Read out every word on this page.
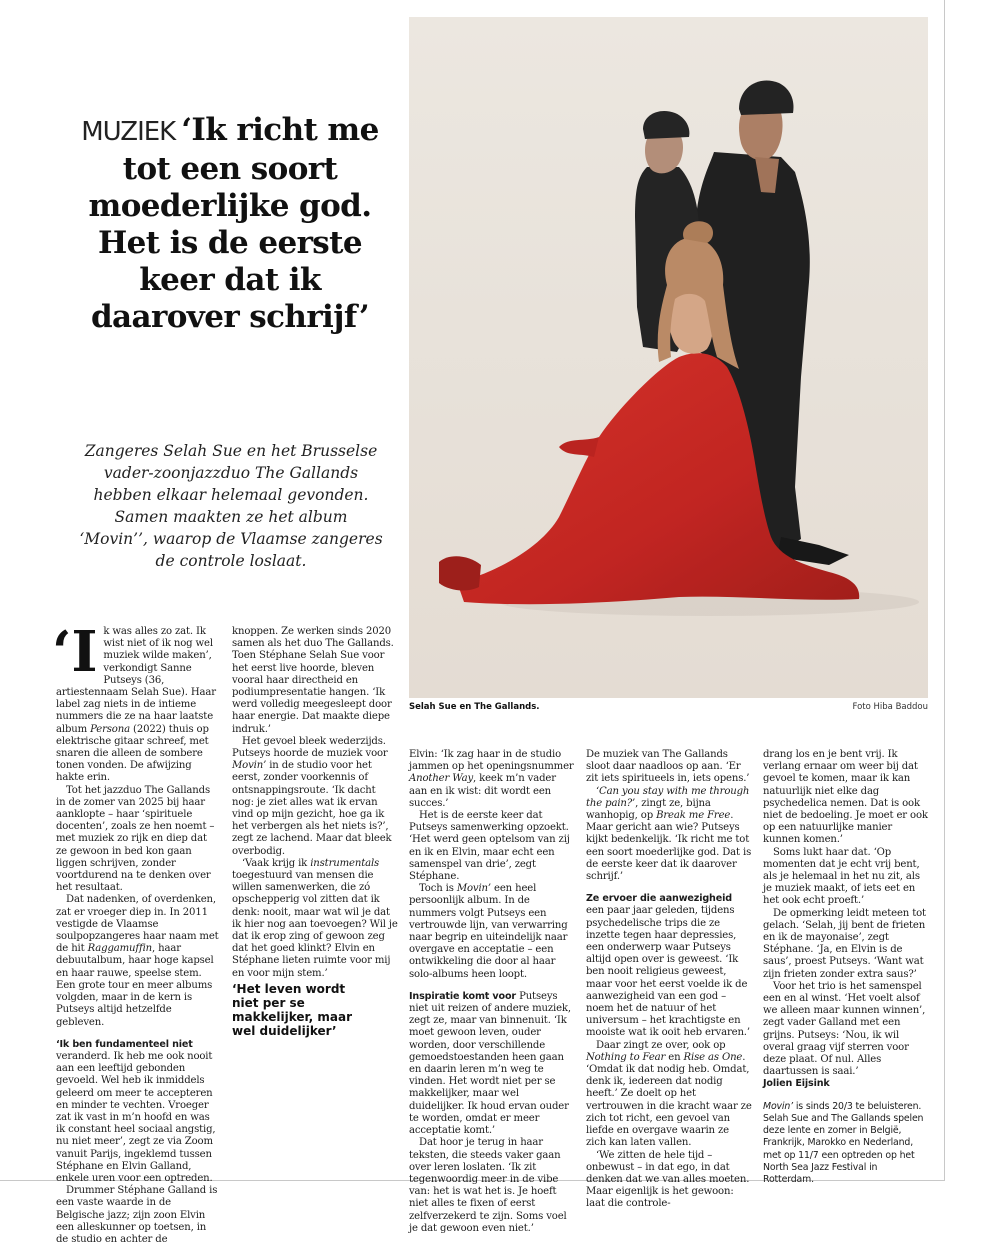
MUZIEK ‘Ik richt me tot een soort moederlijke god. Het is de eerste keer dat ik daarover schrijf’

Zangeres Selah Sue en het Brusselse vader-zoonjazzduo The Gallands hebben elkaar helemaal gevonden. Samen maakten ze het album ‘Movin’’, waarop de Vlaamse zangeres de controle loslaat.

Selah Sue en The Gallands.	Foto Hiba Baddou

‘Ik was alles zo zat. Ik wist niet of ik nog wel muziek wilde maken’, verkondigt Sanne Putseys (36, artiestennaam Selah Sue). Haar label zag niets in de intieme nummers die ze na haar laatste album Persona (2022) thuis op elektrische gitaar schreef, met snaren die alleen de sombere tonen vonden. De afwijzing hakte erin.

Tot het jazzduo The Gallands in de zomer van 2025 bij haar aanklopte – haar ‘spirituele docenten’, zoals ze hen noemt – met muziek zo rijk en diep dat ze gewoon in bed kon gaan liggen schrijven, zonder voortdurend na te denken over het resultaat.

Dat nadenken, of overdenken, zat er vroeger diep in. In 2011 vestigde de Vlaamse soulpopzangeres haar naam met de hit Raggamuffin, haar debuutalbum, haar hoge kapsel en haar rauwe, speelse stem. Een grote tour en meer albums volgden, maar in de kern is Putseys altijd hetzelfde gebleven.

‘Ik ben fundamenteel niet veranderd. Ik heb me ook nooit aan een leeftijd gebonden gevoeld. Wel heb ik inmiddels geleerd om meer te accepteren en minder te vechten. Vroeger zat ik vast in m’n hoofd en was ik constant heel sociaal angstig, nu niet meer’, zegt ze via Zoom vanuit Parijs, ingeklemd tussen Stéphane en Elvin Galland, enkele uren voor een optreden.

Drummer Stéphane Galland is een vaste waarde in de Belgische jazz; zijn zoon Elvin een alleskunner op toetsen, in de studio en achter de

knoppen. Ze werken sinds 2020 samen als het duo The Gallands. Toen Stéphane Selah Sue voor het eerst live hoorde, bleven vooral haar directheid en podiumpresentatie hangen. ‘Ik werd volledig meegesleept door haar energie. Dat maakte diepe indruk.’

Het gevoel bleek wederzijds. Putseys hoorde de muziek voor Movin’ in de studio voor het eerst, zonder voorkennis of ontsnappingsroute. ‘Ik dacht nog: je ziet alles wat ik ervan vind op mijn gezicht, hoe ga ik het verbergen als het niets is?’, zegt ze lachend. Maar dat bleek overbodig.

‘Vaak krijg ik instrumentals toegestuurd van mensen die willen samenwerken, die zó opschepperig vol zitten dat ik denk: nooit, maar wat wil je dat ik hier nog aan toevoegen? Wil je dat ik erop zing of gewoon zeg dat het goed klinkt? Elvin en Stéphane lieten ruimte voor mij en voor mijn stem.’

‘Het leven wordt niet per se makkelijker, maar wel duidelijker’

Elvin: ‘Ik zag haar in de studio jammen op het openingsnummer Another Way, keek m’n vader aan en ik wist: dit wordt een succes.’

Het is de eerste keer dat Putseys samenwerking opzoekt. ‘Het werd geen optelsom van zij en ik en Elvin, maar echt een samenspel van drie’, zegt Stéphane.

Toch is Movin’ een heel persoonlijk album. In de nummers volgt Putseys een vertrouwde lijn, van verwarring naar begrip en uiteindelijk naar overgave en acceptatie – een ontwikkeling die door al haar solo-albums heen loopt.

Inspiratie komt voor Putseys niet uit reizen of andere muziek, zegt ze, maar van binnenuit. ‘Ik moet gewoon leven, ouder worden, door verschillende gemoedstoestanden heen gaan en daarin leren m’n weg te vinden. Het wordt niet per se makkelijker, maar wel duidelijker. Ik houd ervan ouder te worden, omdat er meer acceptatie komt.’

Dat hoor je terug in haar teksten, die steeds vaker gaan over leren loslaten. ‘Ik zit tegenwoordig meer in de vibe van: het is wat het is. Je hoeft niet alles te fixen of eerst zelfverzekerd te zijn. Soms voel je dat gewoon even niet.’

De muziek van The Gallands sloot daar naadloos op aan. ‘Er zit iets spiritueels in, iets opens.’

‘Can you stay with me through the pain?’, zingt ze, bijna wanhopig, op Break me Free. Maar gericht aan wie? Putseys kijkt bedenkelijk. ‘Ik richt me tot een soort moederlijke god. Dat is de eerste keer dat ik daarover schrijf.’

Ze ervoer die aanwezigheid een paar jaar geleden, tijdens psychedelische trips die ze inzette tegen haar depressies, een onderwerp waar Putseys altijd open over is geweest. ‘Ik ben nooit religieus geweest, maar voor het eerst voelde ik de aanwezigheid van een god – noem het de natuur of het universum – het krachtigste en mooiste wat ik ooit heb ervaren.’

Daar zingt ze over, ook op Nothing to Fear en Rise as One. ‘Omdat ik dat nodig heb. Omdat, denk ik, iedereen dat nodig heeft.’ Ze doelt op het vertrouwen in die kracht waar ze zich tot richt, een gevoel van liefde en overgave waarin ze zich kan laten vallen.

‘We zitten de hele tijd – onbewust – in dat ego, in dat denken dat we van alles moeten. Maar eigenlijk is het gewoon: laat die controle-

drang los en je bent vrij. Ik verlang ernaar om weer bij dat gevoel te komen, maar ik kan natuurlijk niet elke dag psychedelica nemen. Dat is ook niet de bedoeling. Je moet er ook op een natuurlijke manier kunnen komen.’

Soms lukt haar dat. ‘Op momenten dat je echt vrij bent, als je helemaal in het nu zit, als je muziek maakt, of iets eet en het ook echt proeft.’

De opmerking leidt meteen tot gelach. ‘Selah, jij bent de frieten en ik de mayonaise’, zegt Stéphane. ‘Ja, en Elvin is de saus’, proest Putseys. ‘Want wat zijn frieten zonder extra saus?’

Voor het trio is het samenspel een en al winst. ‘Het voelt alsof we alleen maar kunnen winnen’, zegt vader Galland met een grijns. Putseys: ‘Nou, ik wil overal graag vijf sterren voor deze plaat. Of nul. Alles daartussen is saai.’

Jolien Eijsink

Movin’ is sinds 20/3 te beluisteren. Selah Sue and The Gallands spelen deze lente en zomer in België, Frankrijk, Marokko en Nederland, met op 11/7 een optreden op het North Sea Jazz Festival in Rotterdam.
